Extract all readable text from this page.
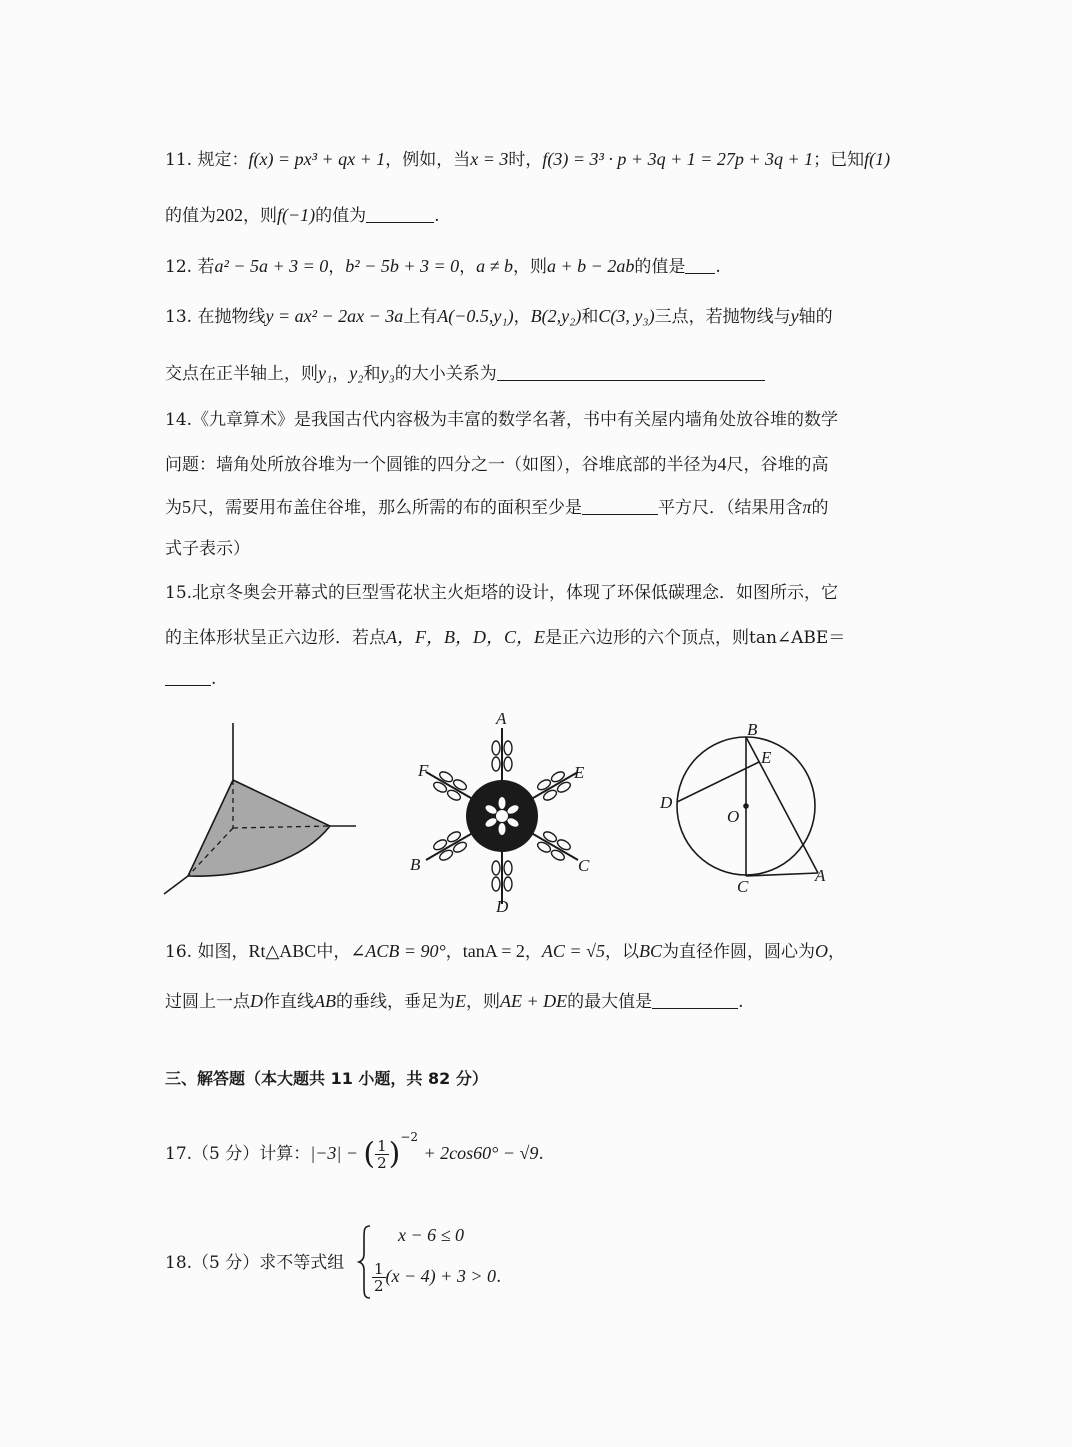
11. 规定：f(x) = px³ + qx + 1，例如，当x = 3时，f(3) = 3³ · p + 3q + 1 = 27p + 3q + 1；已知f(1)
的值为202，则f(−1)的值为	.
12. 若a² − 5a + 3 = 0，b² − 5b + 3 = 0，a ≠ b，则a + b − 2ab的值是 .
13. 在抛物线y = ax² − 2ax − 3a上有A(−0.5,y₁)，B(2,y₂)和C(3, y₃)三点，若抛物线与y轴的
交点在正半轴上，则y₁，y₂和y₃的大小关系为
14.《九章算术》是我国古代内容极为丰富的数学名著，书中有关屋内墙角处放谷堆的数学
问题：墙角处所放谷堆为一个圆锥的四分之一（如图），谷堆底部的半径为4尺，谷堆的高
为5尺，需要用布盖住谷堆，那么所需的布的面积至少是	平方尺．（结果用含π的
式子表示）
15.北京冬奥会开幕式的巨型雪花状主火炬塔的设计，体现了环保低碳理念．如图所示，它
的主体形状呈正六边形．若点A，F，B，D，C，E是正六边形的六个顶点，则tan∠ABE＝
.
A
F	E
B	C
D
B
E
D
O
C
A
16. 如图，Rt△ABC中，∠ACB = 90°，tanA = 2，AC = √5，以BC为直径作圆，圆心为O，
过圆上一点D作直线AB的垂线，垂足为E，则AE + DE的最大值是	.
三、解答题（本大题共 11 小题，共 82 分）
17.（5 分）计算：|−3| − ( $\frac{1}{2} )^{-2} + 2\cos 60^\circ - √9$.
x − 6 ≤ 0
18.（5 分）求不等式组 $\frac{1}{2} (x - 4) + 3 > 0$.
